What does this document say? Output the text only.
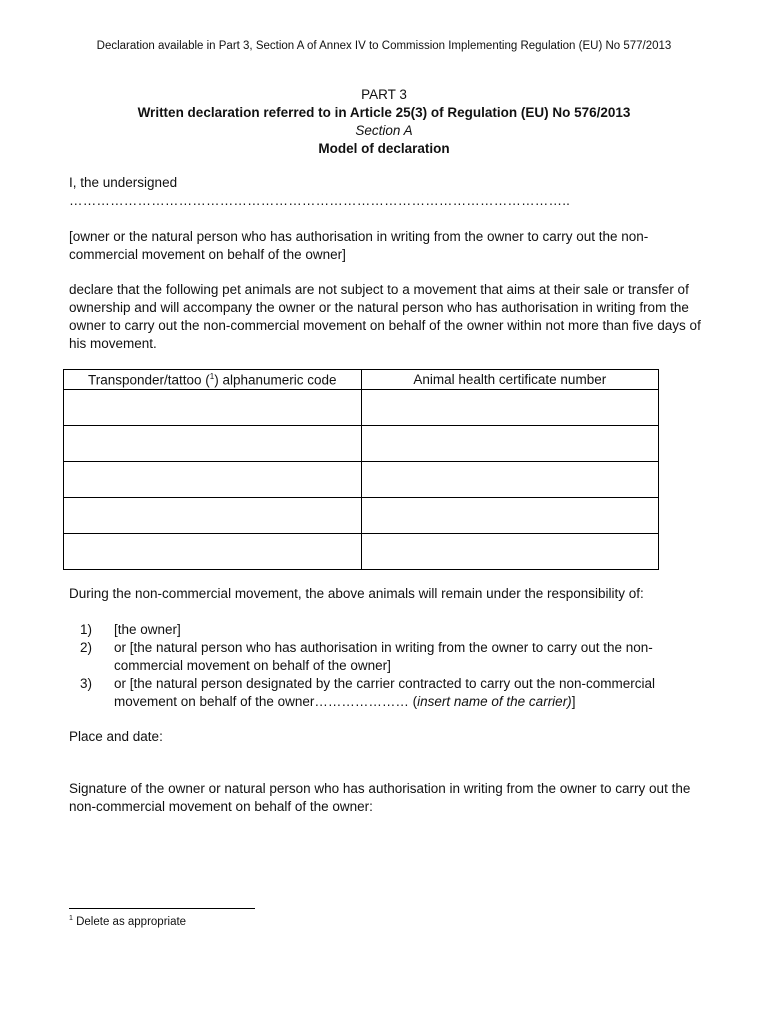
Declaration available in Part 3, Section A of Annex IV to Commission Implementing Regulation (EU) No 577/2013
PART 3
Written declaration referred to in Article 25(3) of Regulation (EU) No 576/2013
Section A
Model of declaration
I, the undersigned
………………………………………………………………………………………………..
[owner or the natural person who has authorisation in writing from the owner to carry out the non-commercial movement on behalf of the owner]
declare that the following pet animals are not subject to a movement that aims at their sale or transfer of ownership and will accompany the owner or the natural person who has authorisation in writing from the owner to carry out the non-commercial movement on behalf of the owner within not more than five days of his movement.
Transponder/tattoo ($^1$) alphanumeric code	Animal health certificate number

During the non-commercial movement, the above animals will remain under the responsibility of:
1) [the owner]
2) or [the natural person who has authorisation in writing from the owner to carry out the non-commercial movement on behalf of the owner]
3) or [the natural person designated by the carrier contracted to carry out the non-commercial movement on behalf of the owner………………… (insert name of the carrier)]
Place and date:
Signature of the owner or natural person who has authorisation in writing from the owner to carry out the non-commercial movement on behalf of the owner:
$^1$ Delete as appropriate
